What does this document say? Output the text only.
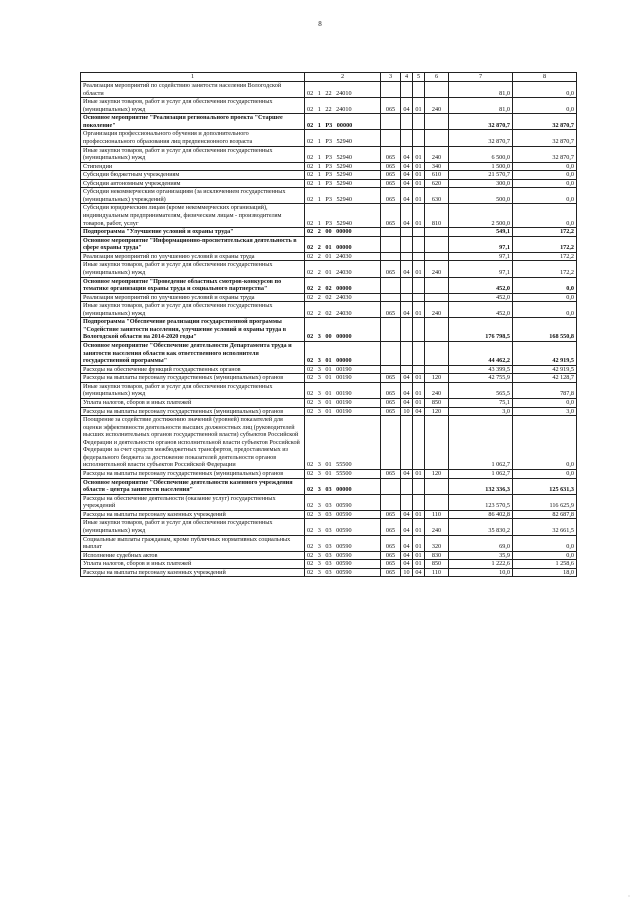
8
1	2	3	4	5	6	7	8
Реализация мероприятий по содействию занятости населения Вологодской области	02 1 22 24010					81,0	0,0
Иные закупки товаров, работ и услуг для обеспечения государственных (муниципальных) нужд	02 1 22 24010	065	04	01	240	81,0	0,0
Основное мероприятие "Реализация регионального проекта "Старшее поколение"	02 1 Р3 00000					32 870,7	32 870,7
Организация профессионального обучения и дополнительного профессионального образования лиц предпенсионного возраста	02 1 Р3 52940					32 870,7	32 870,7
Иные закупки товаров, работ и услуг для обеспечения государственных (муниципальных) нужд	02 1 Р3 52940	065	04	01	240	6 500,0	32 870,7
Стипендии	02 1 Р3 52940	065	04	01	340	1 500,0	0,0
Субсидии бюджетным учреждениям	02 1 Р3 52940	065	04	01	610	21 570,7	0,0
Субсидии автономным учреждениям	02 1 Р3 52940	065	04	01	620	300,0	0,0
Субсидии некоммерческим организациям (за исключением государственных (муниципальных) учреждений)	02 1 Р3 52940	065	04	01	630	500,0	0,0
Субсидии юридическим лицам (кроме некоммерческих организаций), индивидуальным предпринимателям, физическим лицам - производителям товаров, работ, услуг	02 1 Р3 52940	065	04	01	810	2 500,0	0,0
Подпрограмма "Улучшение условий и охраны труда"	02 2 00 00000					549,1	172,2
Основное мероприятие "Информационно-просветительская деятельность в сфере охраны труда"	02 2 01 00000					97,1	172,2
Реализация мероприятий по улучшению условий и охраны труда	02 2 01 24030					97,1	172,2
Иные закупки товаров, работ и услуг для обеспечения государственных (муниципальных) нужд	02 2 01 24030	065	04	01	240	97,1	172,2
Основное мероприятие "Проведение областных смотров-конкурсов по тематике организации охраны труда и социального партнерства"	02 2 02 00000					452,0	0,0
Реализация мероприятий по улучшению условий и охраны труда	02 2 02 24030					452,0	0,0
Иные закупки товаров, работ и услуг для обеспечения государственных (муниципальных) нужд	02 2 02 24030	065	04	01	240	452,0	0,0
Подпрограмма "Обеспечение реализации государственной программы "Содействие занятости населения, улучшение условий и охраны труда в Вологодской области на 2014-2020 годы"	02 3 00 00000					176 798,5	168 550,8
Основное мероприятие "Обеспечение деятельности Департамента труда и занятости населения области как ответственного исполнителя государственной программы"	02 3 01 00000					44 462,2	42 919,5
Расходы на обеспечение функций государственных органов	02 3 01 00190					43 399,5	42 919,5
Расходы на выплаты персоналу государственных (муниципальных) органов	02 3 01 00190	065	04	01	120	42 755,9	42 128,7
Иные закупки товаров, работ и услуг для обеспечения государственных (муниципальных) нужд	02 3 01 00190	065	04	01	240	565,5	787,8
Уплата налогов, сборов и иных платежей	02 3 01 00190	065	04	01	850	75,1	0,0
Расходы на выплаты персоналу государственных (муниципальных) органов	02 3 01 00190	065	10	04	120	3,0	3,0
Поощрение за содействие достижению значений (уровней) показателей для оценки эффективности деятельности высших должностных лиц (руководителей высших исполнительных органов государственной власти) субъектов Российской Федерации и деятельности органов исполнительной власти субъектов Российской Федерации за счет средств межбюджетных трансфертов, предоставляемых из федерального бюджета за достижение показателей деятельности органов исполнительной власти субъектов Российской Федерации	02 3 01 55500					1 062,7	0,0
Расходы на выплаты персоналу государственных (муниципальных) органов	02 3 01 55500	065	04	01	120	1 062,7	0,0
Основное мероприятие "Обеспечение деятельности казенного учреждения области - центра занятости населения"	02 3 03 00000					132 336,3	125 631,3
Расходы на обеспечение деятельности (оказание услуг) государственных учреждений	02 3 03 00590					123 570,5	116 625,9
Расходы на выплаты персоналу казенных учреждений	02 3 03 00590	065	04	01	110	86 402,8	82 687,8
Иные закупки товаров, работ и услуг для обеспечения государственных (муниципальных) нужд	02 3 03 00590	065	04	01	240	35 830,2	32 661,5
Социальные выплаты гражданам, кроме публичных нормативных социальных выплат	02 3 03 00590	065	04	01	320	69,0	0,0
Исполнение судебных актов	02 3 03 00590	065	04	01	830	35,9	0,0
Уплата налогов, сборов и иных платежей	02 3 03 00590	065	04	01	850	1 222,6	1 258,6
Расходы на выплаты персоналу казенных учреждений	02 3 03 00590	065	10	04	110	10,0	18,0
ˌ
